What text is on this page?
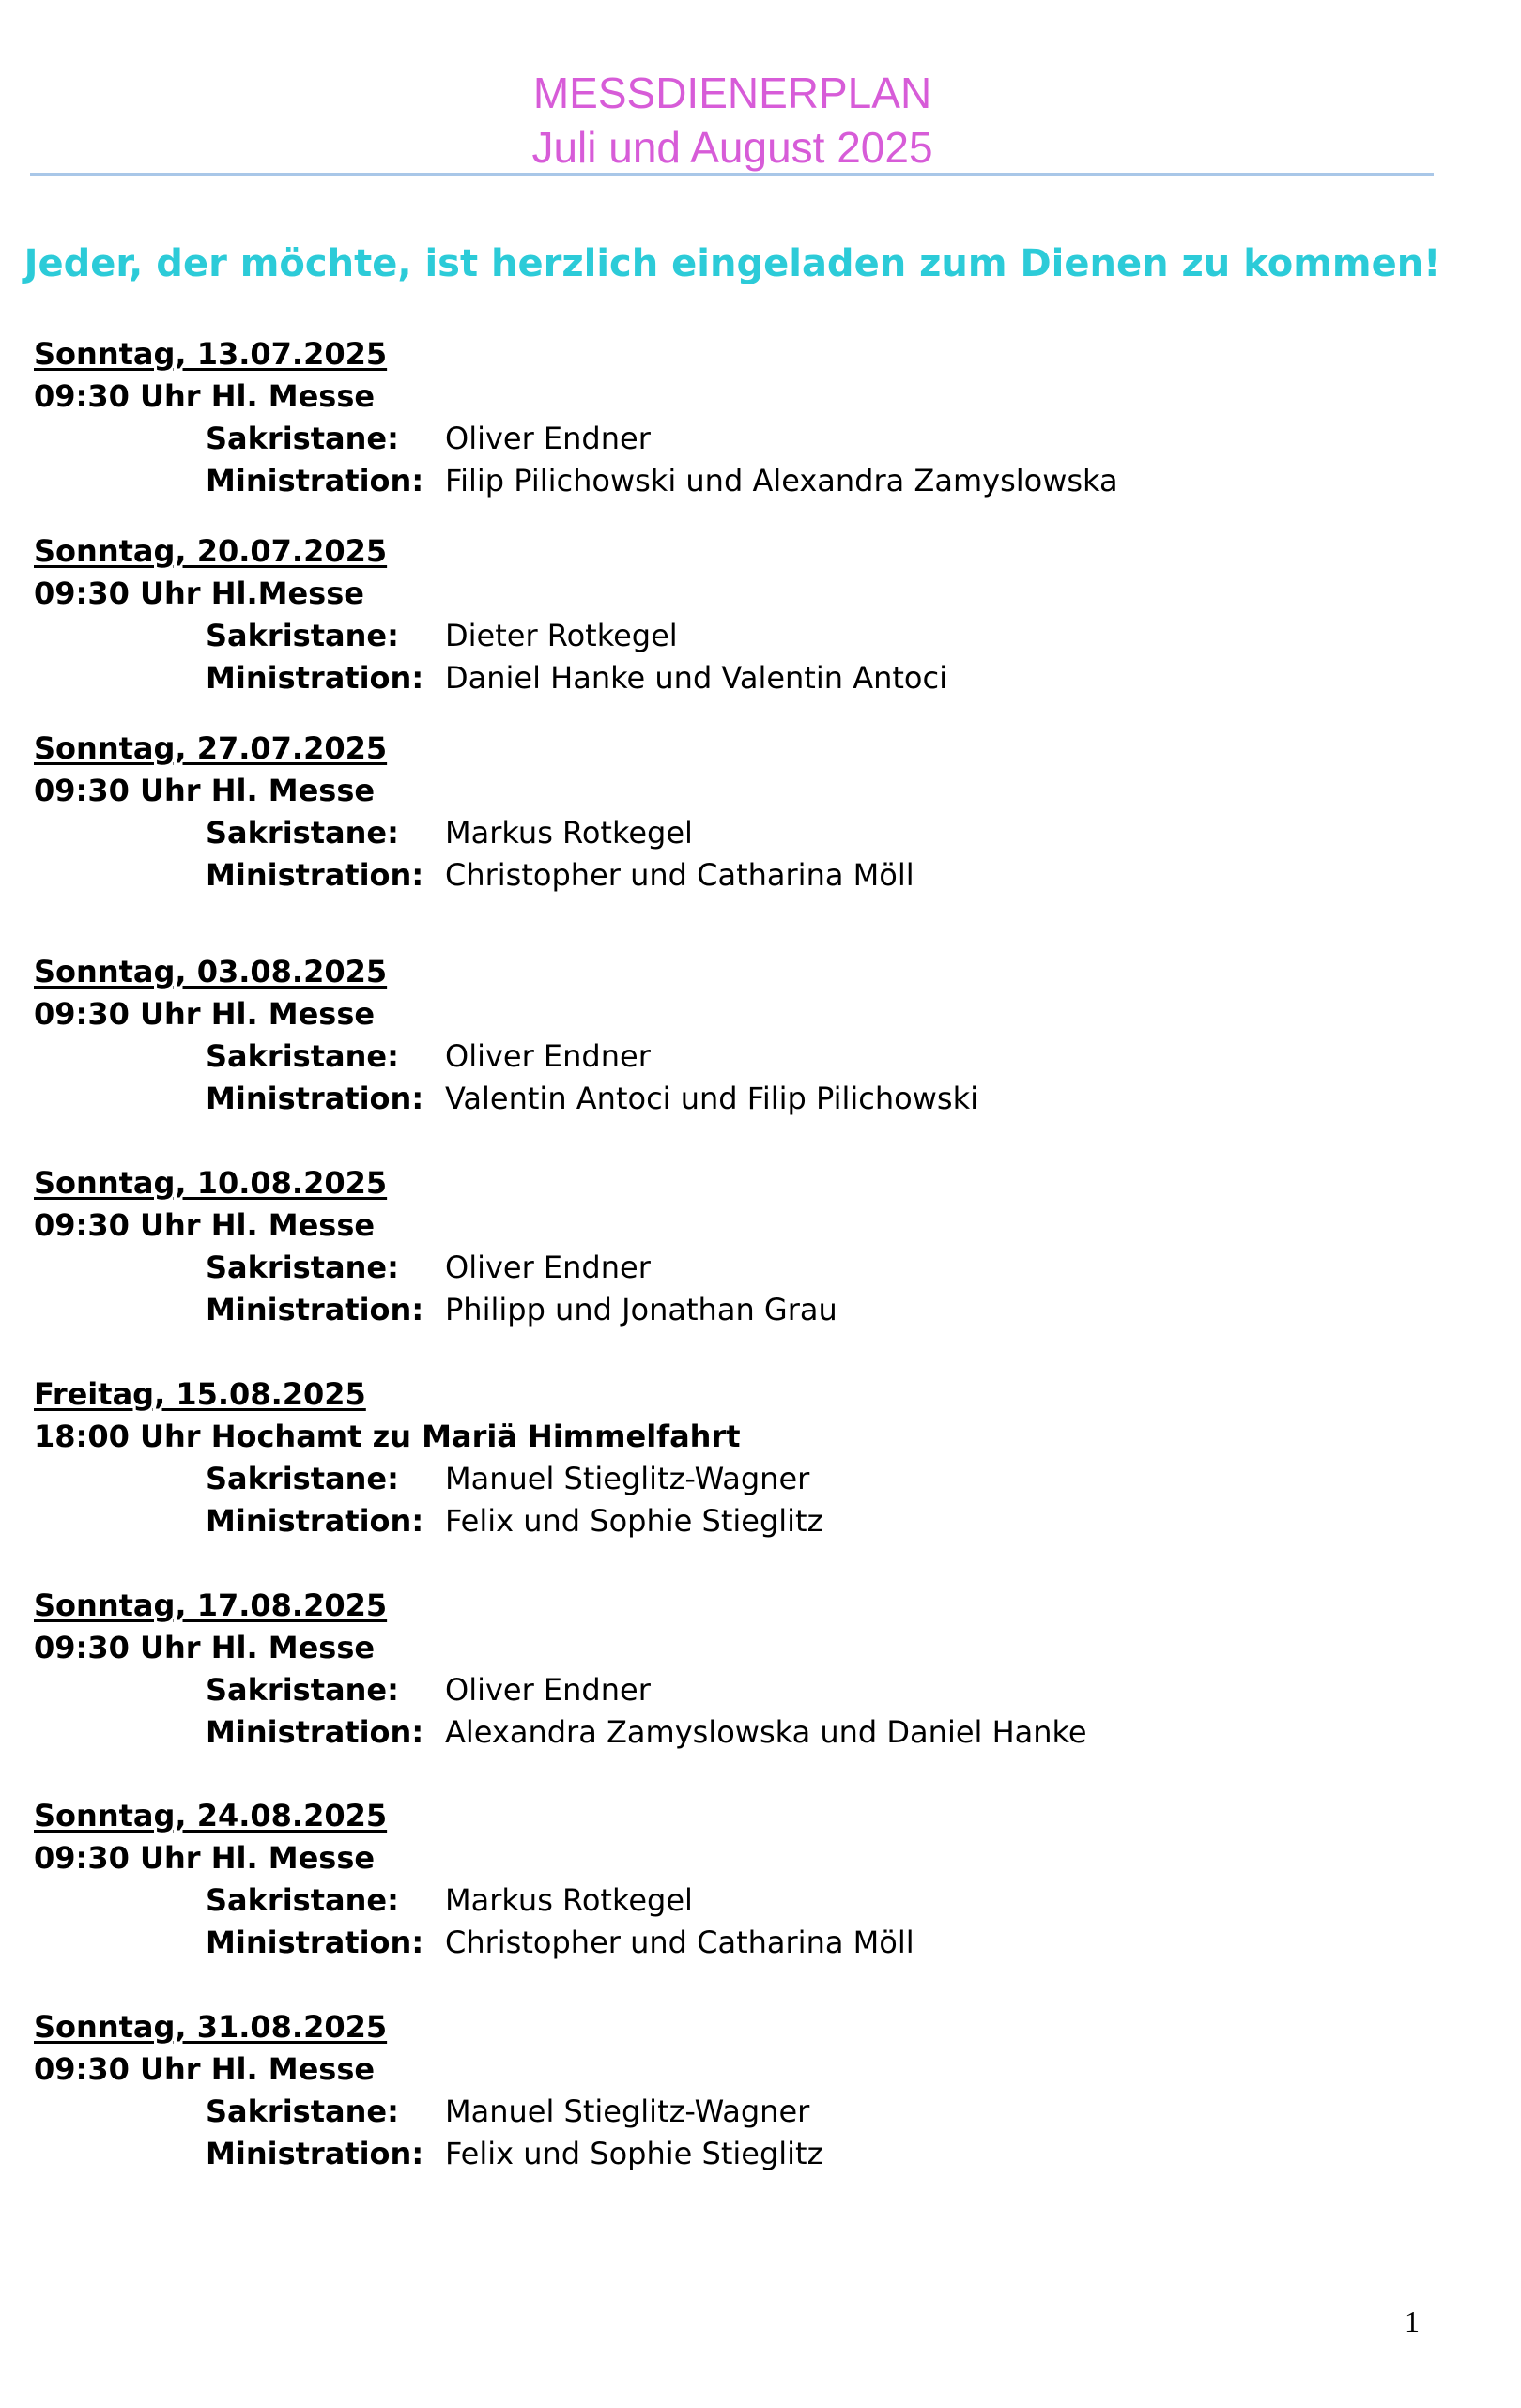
MESSDIENERPLAN
Juli und August 2025
Jeder, der möchte, ist herzlich eingeladen zum Dienen zu kommen!
Sonntag, 13.07.2025
09:30 Uhr Hl. Messe
Sakristane:	Oliver Endner
Ministration: Filip Pilichowski und Alexandra Zamyslowska
Sonntag, 20.07.2025
09:30 Uhr Hl.Messe
Sakristane:	Dieter Rotkegel
Ministration: Daniel Hanke und Valentin Antoci
Sonntag, 27.07.2025
09:30 Uhr Hl. Messe
Sakristane:	Markus Rotkegel
Ministration: Christopher und Catharina Möll
Sonntag, 03.08.2025
09:30 Uhr Hl. Messe
Sakristane:	Oliver Endner
Ministration: Valentin Antoci und Filip Pilichowski
Sonntag, 10.08.2025
09:30 Uhr Hl. Messe
Sakristane:	Oliver Endner
Ministration: Philipp und Jonathan Grau
Freitag, 15.08.2025
18:00 Uhr Hochamt zu Mariä Himmelfahrt
Sakristane:	Manuel Stieglitz-Wagner
Ministration: Felix und Sophie Stieglitz
Sonntag, 17.08.2025
09:30 Uhr Hl. Messe
Sakristane:	Oliver Endner
Ministration: Alexandra Zamyslowska und Daniel Hanke
Sonntag, 24.08.2025
09:30 Uhr Hl. Messe
Sakristane:	Markus Rotkegel
Ministration: Christopher und Catharina Möll
Sonntag, 31.08.2025
09:30 Uhr Hl. Messe
Sakristane:	Manuel Stieglitz-Wagner
Ministration: Felix und Sophie Stieglitz
1
